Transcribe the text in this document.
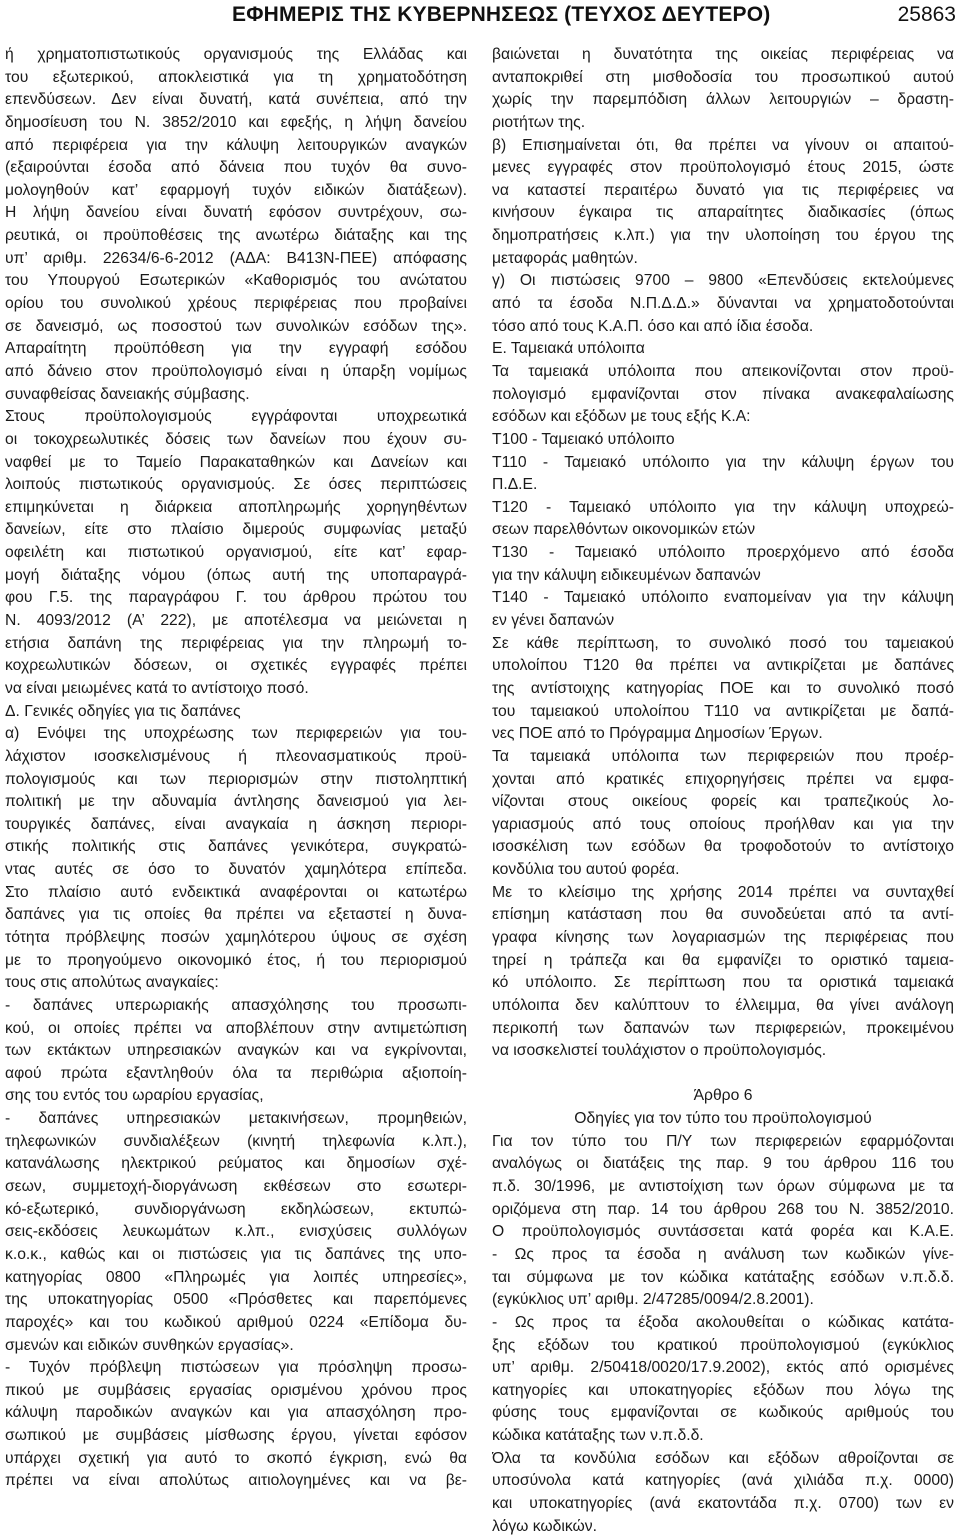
ΕΦΗΜΕΡΙΣ ΤΗΣ ΚΥΒΕΡΝΗΣΕΩΣ (ΤΕΥΧΟΣ ΔΕΥΤΕΡΟ)	25863
ή χρηματοπιστωτικούς οργανισμούς της Ελλάδας και
του εξωτερικού, αποκλειστικά για τη χρηματοδότηση
επενδύσεων. Δεν είναι δυνατή, κατά συνέπεια, από την
δημοσίευση του Ν. 3852/2010 και εφεξής, η λήψη δανείου
από περιφέρεια για την κάλυψη λειτουργικών αναγκών
(εξαιρούνται έσοδα από δάνεια που τυχόν θα συνο‑
μολογηθούν κατ’ εφαρμογή τυχόν ειδικών διατάξεων).
Η λήψη δανείου είναι δυνατή εφόσον συντρέχουν, σω‑
ρευτικά, οι προϋποθέσεις της ανωτέρω διάταξης και της
υπ’ αριθμ. 22634/6‑6‑2012 (ΑΔΑ: Β413Ν‑ΠΕΕ) απόφασης
του Υπουργού Εσωτερικών «Καθορισμός του ανώτατου
ορίου του συνολικού χρέους περιφέρειας που προβαίνει
σε δανεισμό, ως ποσοστού των συνολικών εσόδων της».
Απαραίτητη προϋπόθεση για την εγγραφή εσόδου
από δάνειο στον προϋπολογισμό είναι η ύπαρξη νομίμως
συναφθείσας δανειακής σύμβασης.
Στους προϋπολογισμούς εγγράφονται υποχρεωτικά
οι τοκοχρεωλυτικές δόσεις των δανείων που έχουν συ‑
ναφθεί με το Ταμείο Παρακαταθηκών και Δανείων και
λοιπούς πιστωτικούς οργανισμούς. Σε όσες περιπτώσεις
επιμηκύνεται η διάρκεια αποπληρωμής χορηγηθέντων
δανείων, είτε στο πλαίσιο διμερούς συμφωνίας μεταξύ
οφειλέτη και πιστωτικού οργανισμού, είτε κατ’ εφαρ‑
μογή διάταξης νόμου (όπως αυτή της υποπαραγρά‑
φου Γ.5. της παραγράφου Γ. του άρθρου πρώτου του
Ν. 4093/2012 (Α’ 222), με αποτέλεσμα να μειώνεται η
ετήσια δαπάνη της περιφέρειας για την πληρωμή το‑
κοχρεωλυτικών δόσεων, οι σχετικές εγγραφές πρέπει
να είναι μειωμένες κατά το αντίστοιχο ποσό.
Δ. Γενικές οδηγίες για τις δαπάνες
α) Ενόψει της υποχρέωσης των περιφερειών για του‑
λάχιστον ισοσκελισμένους ή πλεονασματικούς προϋ‑
πολογισμούς και των περιορισμών στην πιστοληπτική
πολιτική με την αδυναμία άντλησης δανεισμού για λει‑
τουργικές δαπάνες, είναι αναγκαία η άσκηση περιορι‑
στικής πολιτικής στις δαπάνες γενικότερα, συγκρατώ‑
ντας αυτές σε όσο το δυνατόν χαμηλότερα επίπεδα.
Στο πλαίσιο αυτό ενδεικτικά αναφέρονται οι κατωτέρω
δαπάνες για τις οποίες θα πρέπει να εξεταστεί η δυνα‑
τότητα πρόβλεψης ποσών χαμηλότερου ύψους σε σχέση
με το προηγούμενο οικονομικό έτος, ή του περιορισμού
τους στις απολύτως αναγκαίες:
‑ δαπάνες υπερωριακής απασχόλησης του προσωπι‑
κού, οι οποίες πρέπει να αποβλέπουν στην αντιμετώπιση
των εκτάκτων υπηρεσιακών αναγκών και να εγκρίνονται,
αφού πρώτα εξαντληθούν όλα τα περιθώρια αξιοποίη‑
σης του εντός του ωραρίου εργασίας,
‑ δαπάνες υπηρεσιακών μετακινήσεων, προμηθειών,
τηλεφωνικών συνδιαλέξεων (κινητή τηλεφωνία κ.λπ.),
κατανάλωσης ηλεκτρικού ρεύματος και δημοσίων σχέ‑
σεων, συμμετοχή‑διοργάνωση εκθέσεων στο εσωτερι‑
κό‑εξωτερικό, συνδιοργάνωση εκδηλώσεων, εκτυπώ‑
σεις‑εκδόσεις λευκωμάτων κ.λπ., ενισχύσεις συλλόγων
κ.ο.κ., καθώς και οι πιστώσεις για τις δαπάνες της υπο‑
κατηγορίας 0800 «Πληρωμές για λοιπές υπηρεσίες»,
της υποκατηγορίας 0500 «Πρόσθετες και παρεπόμενες
παροχές» και του κωδικού αριθμού 0224 «Επίδομα δυ‑
σμενών και ειδικών συνθηκών εργασίας».
‑ Τυχόν πρόβλεψη πιστώσεων για πρόσληψη προσω‑
πικού με συμβάσεις εργασίας ορισμένου χρόνου προς
κάλυψη παροδικών αναγκών και για απασχόληση προ‑
σωπικού με συμβάσεις μίσθωσης έργου, γίνεται εφόσον
υπάρχει σχετική για αυτό το σκοπό έγκριση, ενώ θα
πρέπει να είναι απολύτως αιτιολογημένες και να βε‑
βαιώνεται η δυνατότητα της οικείας περιφέρειας να
ανταποκριθεί στη μισθοδοσία του προσωπικού αυτού
χωρίς την παρεμπόδιση άλλων λειτουργιών – δραστη‑
ριοτήτων της.
β) Επισημαίνεται ότι, θα πρέπει να γίνουν οι απαιτού‑
μενες εγγραφές στον προϋπολογισμό έτους 2015, ώστε
να καταστεί περαιτέρω δυνατό για τις περιφέρειες να
κινήσουν έγκαιρα τις απαραίτητες διαδικασίες (όπως
δημοπρατήσεις κ.λπ.) για την υλοποίηση του έργου της
μεταφοράς μαθητών.
γ) Οι πιστώσεις 9700 – 9800 «Επενδύσεις εκτελούμενες
από τα έσοδα Ν.Π.Δ.Δ.» δύνανται να χρηματοδοτούνται
τόσο από τους Κ.Α.Π. όσο και από ίδια έσοδα.
Ε. Ταμειακά υπόλοιπα
Τα ταμειακά υπόλοιπα που απεικονίζονται στον προϋ‑
πολογισμό εμφανίζονται στον πίνακα ανακεφαλαίωσης
εσόδων και εξόδων με τους εξής Κ.Α:
Τ100 ‑ Ταμειακό υπόλοιπο
Τ110 ‑ Ταμειακό υπόλοιπο για την κάλυψη έργων του
Π.Δ.Ε.
Τ120 ‑ Ταμειακό υπόλοιπο για την κάλυψη υποχρεώ‑
σεων παρελθόντων οικονομικών ετών
Τ130 ‑ Ταμειακό υπόλοιπο προερχόμενο από έσοδα
για την κάλυψη ειδικευμένων δαπανών
Τ140 ‑ Ταμειακό υπόλοιπο εναπομείναν για την κάλυψη
εν γένει δαπανών
Σε κάθε περίπτωση, το συνολικό ποσό του ταμειακού
υπολοίπου Τ120 θα πρέπει να αντικρίζεται με δαπάνες
της αντίστοιχης κατηγορίας ΠΟΕ και το συνολικό ποσό
του ταμειακού υπολοίπου Τ110 να αντικρίζεται με δαπά‑
νες ΠΟΕ από το Πρόγραμμα Δημοσίων Έργων.
Τα ταμειακά υπόλοιπα των περιφερειών που προέρ‑
χονται από κρατικές επιχορηγήσεις πρέπει να εμφα‑
νίζονται στους οικείους φορείς και τραπεζικούς λο‑
γαριασμούς από τους οποίους προήλθαν και για την
ισοσκέλιση των εσόδων θα τροφοδοτούν το αντίστοιχο
κονδύλια του αυτού φορέα.
Με το κλείσιμο της χρήσης 2014 πρέπει να συνταχθεί
επίσημη κατάσταση που θα συνοδεύεται από τα αντί‑
γραφα κίνησης των λογαριασμών της περιφέρειας που
τηρεί η τράπεζα και θα εμφανίζει το οριστικό ταμεια‑
κό υπόλοιπο. Σε περίπτωση που τα οριστικά ταμειακά
υπόλοιπα δεν καλύπτουν το έλλειμμα, θα γίνει ανάλογη
περικοπή των δαπανών των περιφερειών, προκειμένου
να ισοσκελιστεί τουλάχιστον ο προϋπολογισμός.
Άρθρο 6
Οδηγίες για τον τύπο του προϋπολογισμού
Για τον τύπο του Π/Υ των περιφερειών εφαρμόζονται
αναλόγως οι διατάξεις της παρ. 9 του άρθρου 116 του
π.δ. 30/1996, με αντιστοίχιση των όρων σύμφωνα με τα
οριζόμενα στη παρ. 14 του άρθρου 268 του Ν. 3852/2010.
Ο προϋπολογισμός συντάσσεται κατά φορέα και Κ.Α.Ε.
‑ Ως προς τα έσοδα η ανάλυση των κωδικών γίνε‑
ται σύμφωνα με τον κώδικα κατάταξης εσόδων ν.π.δ.δ.
(εγκύκλιος υπ’ αριθμ. 2/47285/0094/2.8.2001).
‑ Ως προς τα έξοδα ακολουθείται ο κώδικας κατάτα‑
ξης εξόδων του κρατικού προϋπολογισμού (εγκύκλιος
υπ’ αριθμ. 2/50418/0020/17.9.2002), εκτός από ορισμένες
κατηγορίες και υποκατηγορίες εξόδων που λόγω της
φύσης τους εμφανίζονται σε κωδικούς αριθμούς του
κώδικα κατάταξης των ν.π.δ.δ.
Όλα τα κονδύλια εσόδων και εξόδων αθροίζονται σε
υποσύνολα κατά κατηγορίες (ανά χιλιάδα π.χ. 0000)
και υποκατηγορίες (ανά εκατοντάδα π.χ. 0700) των εν
λόγω κωδικών.
